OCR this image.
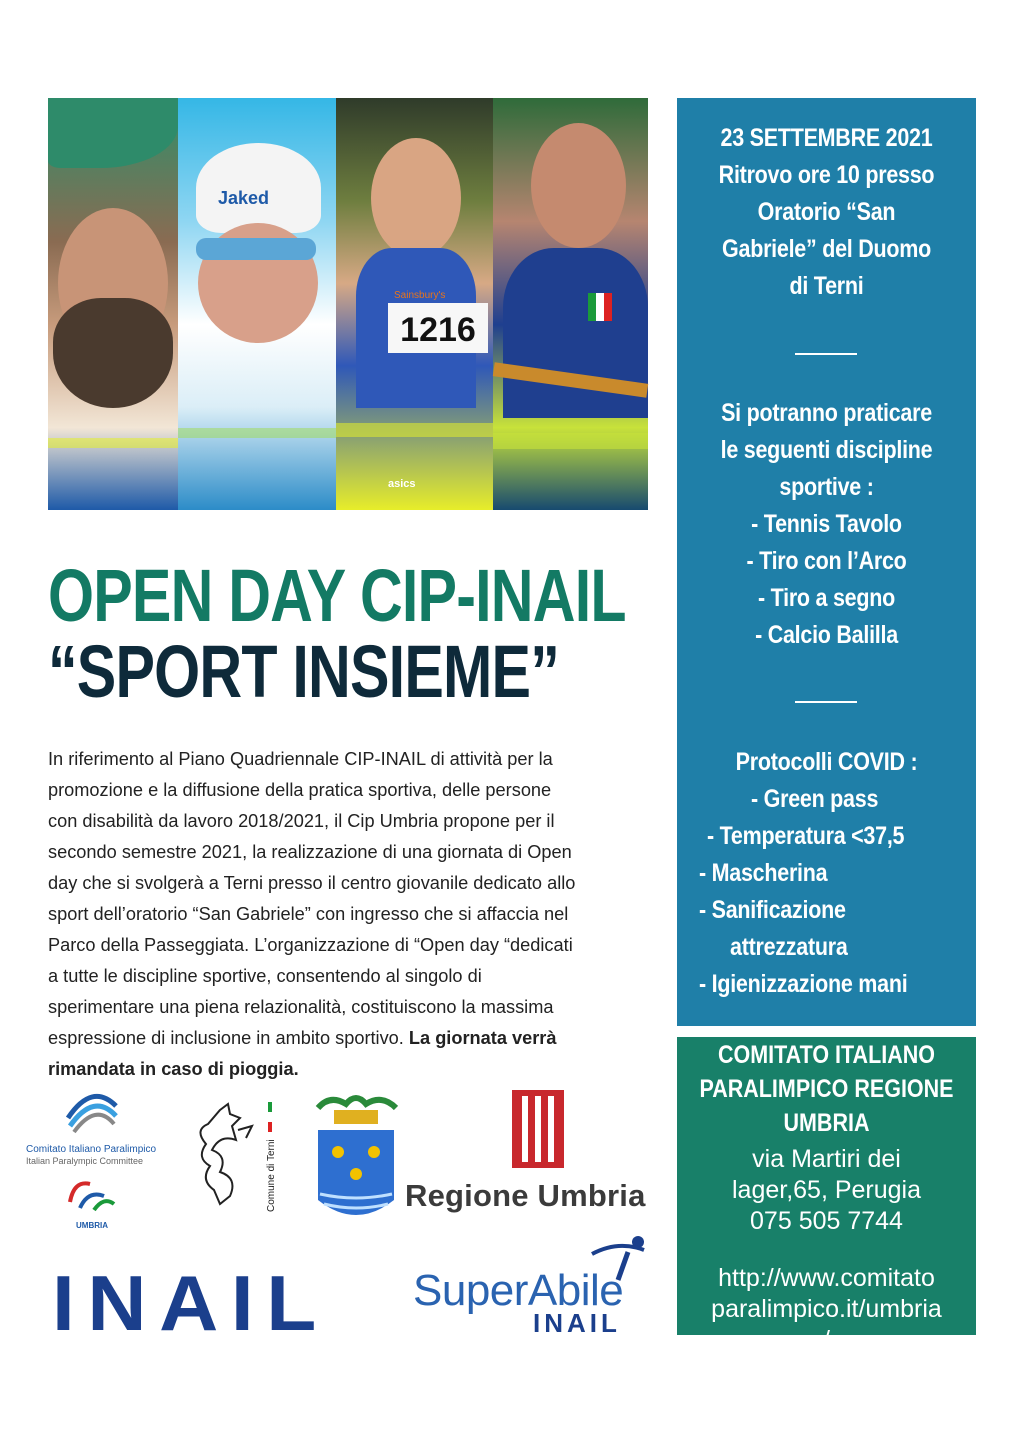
Jaked
1216
Sainsbury's
asics
23 SETTEMBRE 2021
Ritrovo ore 10 presso
Oratorio “San
Gabriele” del Duomo
di Terni
Si potranno praticare
le seguenti discipline
sportive :
- Tennis Tavolo
- Tiro con l’Arco
- Tiro a segno
- Calcio Balilla
Protocolli COVID :
- Green pass
- Temperatura <37,5
- Mascherina
- Sanificazione
attrezzatura
- Igienizzazione mani
COMITATO ITALIANO
PARALIMPICO REGIONE
UMBRIA
via Martiri dei
lager,65, Perugia
075 505 7744
http://www.comitato
paralimpico.it/umbria
/
OPEN DAY CIP-INAIL
“SPORT INSIEME”

In riferimento al Piano Quadriennale CIP-INAIL di attività per la

promozione e la diffusione della pratica sportiva, delle persone

con disabilità da lavoro 2018/2021, il Cip Umbria propone per il

secondo semestre 2021, la realizzazione di una giornata di Open

day che si svolgerà a Terni presso il centro giovanile dedicato allo

sport dell’oratorio “San Gabriele” con ingresso che si affaccia nel

Parco della Passeggiata. L’organizzazione di “Open day “dedicati

a tutte le discipline sportive, consentendo al singolo di

sperimentare una piena relazionalità, costituiscono la massima

espressione di inclusione in ambito sportivo. La giornata verrà

rimandata in caso di pioggia.

Comitato Italiano Paralimpico
Italian Paralympic Committee
UMBRIA
Comune di Terni	Regione Umbria
INAIL SuperAbile
INAIL
